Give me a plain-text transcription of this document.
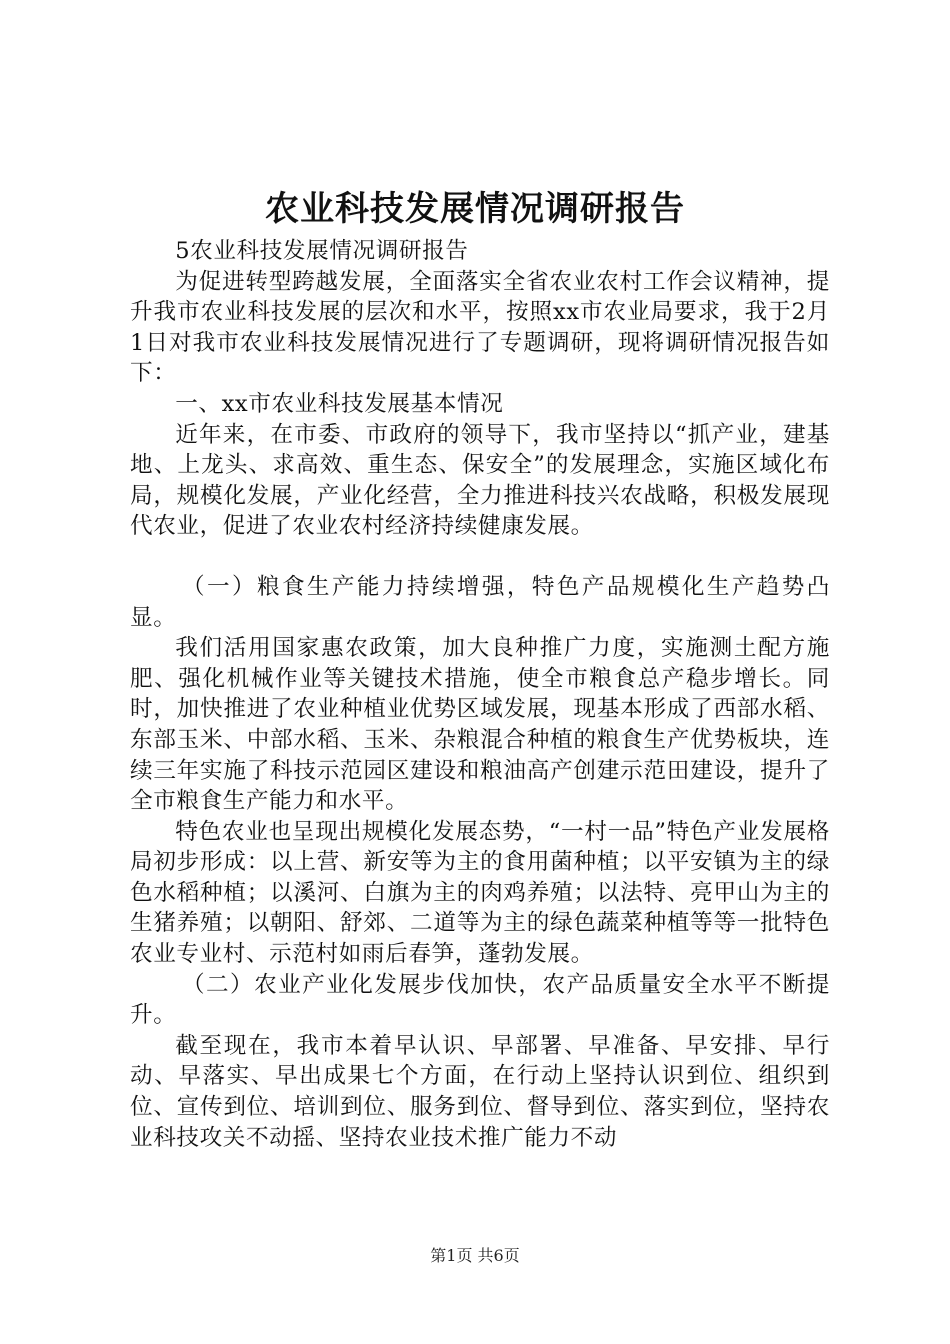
农业科技发展情况调研报告

5农业科技发展情况调研报告

为促进转型跨越发展，全面落实全省农业农村工作会议精神，提升我市农业科技发展的层次和水平，按照xx市农业局要求，我于2月1日对我市农业科技发展情况进行了专题调研，现将调研情况报告如下：

一、xx市农业科技发展基本情况

近年来，在市委、市政府的领导下，我市坚持以“抓产业，建基地、上龙头、求高效、重生态、保安全”的发展理念，实施区域化布局，规模化发展，产业化经营，全力推进科技兴农战略，积极发展现代农业，促进了农业农村经济持续健康发展。

（一）粮食生产能力持续增强，特色产品规模化生产趋势凸显。

我们活用国家惠农政策，加大良种推广力度，实施测土配方施肥、强化机械作业等关键技术措施，使全市粮食总产稳步增长。同时，加快推进了农业种植业优势区域发展，现基本形成了西部水稻、东部玉米、中部水稻、玉米、杂粮混合种植的粮食生产优势板块，连续三年实施了科技示范园区建设和粮油高产创建示范田建设，提升了全市粮食生产能力和水平。

特色农业也呈现出规模化发展态势，“一村一品”特色产业发展格局初步形成：以上营、新安等为主的食用菌种植；以平安镇为主的绿色水稻种植；以溪河、白旗为主的肉鸡养殖；以法特、亮甲山为主的生猪养殖；以朝阳、舒郊、二道等为主的绿色蔬菜种植等等一批特色农业专业村、示范村如雨后春笋，蓬勃发展。

（二）农业产业化发展步伐加快，农产品质量安全水平不断提升。

截至现在，我市本着早认识、早部署、早准备、早安排、早行动、早落实、早出成果七个方面，在行动上坚持认识到位、组织到位、宣传到位、培训到位、服务到位、督导到位、落实到位，坚持农业科技攻关不动摇、坚持农业技术推广能力不动

第1页 共6页
